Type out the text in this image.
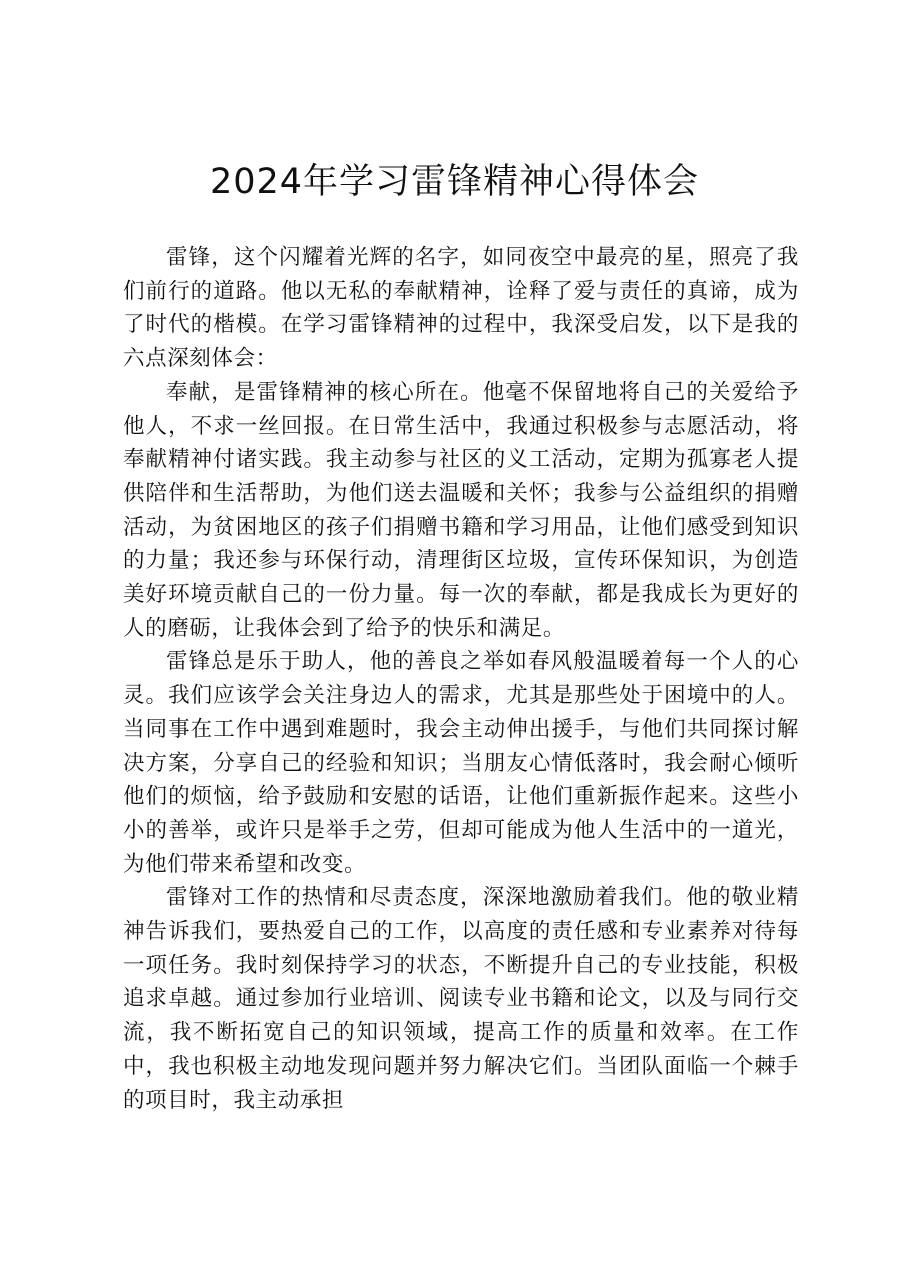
2024年学习雷锋精神心得体会

雷锋，这个闪耀着光辉的名字，如同夜空中最亮的星，照亮了我们前行的道路。他以无私的奉献精神，诠释了爱与责任的真谛，成为了时代的楷模。在学习雷锋精神的过程中，我深受启发，以下是我的六点深刻体会：

奉献，是雷锋精神的核心所在。他毫不保留地将自己的关爱给予他人，不求一丝回报。在日常生活中，我通过积极参与志愿活动，将奉献精神付诸实践。我主动参与社区的义工活动，定期为孤寡老人提供陪伴和生活帮助，为他们送去温暖和关怀；我参与公益组织的捐赠活动，为贫困地区的孩子们捐赠书籍和学习用品，让他们感受到知识的力量；我还参与环保行动，清理街区垃圾，宣传环保知识，为创造美好环境贡献自己的一份力量。每一次的奉献，都是我成长为更好的人的磨砺，让我体会到了给予的快乐和满足。

雷锋总是乐于助人，他的善良之举如春风般温暖着每一个人的心灵。我们应该学会关注身边人的需求，尤其是那些处于困境中的人。当同事在工作中遇到难题时，我会主动伸出援手，与他们共同探讨解决方案，分享自己的经验和知识；当朋友心情低落时，我会耐心倾听他们的烦恼，给予鼓励和安慰的话语，让他们重新振作起来。这些小小的善举，或许只是举手之劳，但却可能成为他人生活中的一道光，为他们带来希望和改变。

雷锋对工作的热情和尽责态度，深深地激励着我们。他的敬业精神告诉我们，要热爱自己的工作，以高度的责任感和专业素养对待每一项任务。我时刻保持学习的状态，不断提升自己的专业技能，积极追求卓越。通过参加行业培训、阅读专业书籍和论文，以及与同行交流，我不断拓宽自己的知识领域，提高工作的质量和效率。在工作中，我也积极主动地发现问题并努力解决它们。当团队面临一个棘手的项目时，我主动承担
